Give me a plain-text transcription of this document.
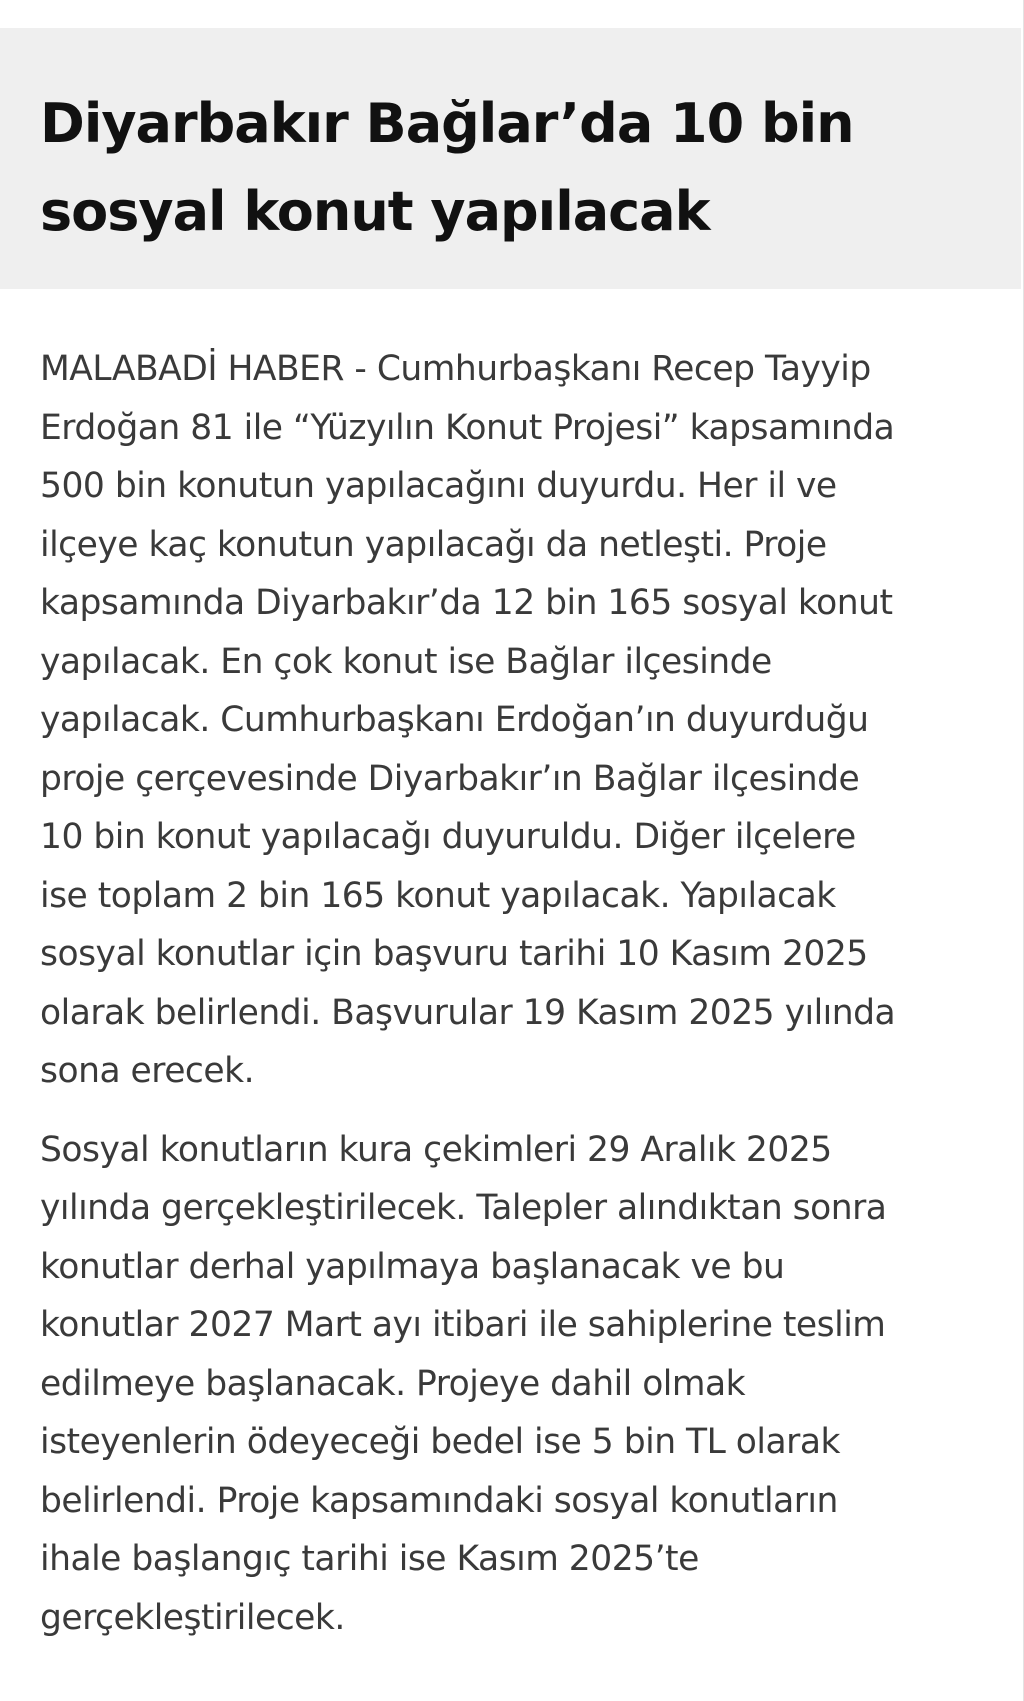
Diyarbakır Bağlar’da 10 bin
sosyal konut yapılacak

MALABADİ HABER - Cumhurbaşkanı Recep Tayyip
Erdoğan 81 ile “Yüzyılın Konut Projesi” kapsamında
500 bin konutun yapılacağını duyurdu. Her il ve
ilçeye kaç konutun yapılacağı da netleşti. Proje
kapsamında Diyarbakır’da 12 bin 165 sosyal konut
yapılacak. En çok konut ise Bağlar ilçesinde
yapılacak. Cumhurbaşkanı Erdoğan’ın duyurduğu
proje çerçevesinde Diyarbakır’ın Bağlar ilçesinde
10 bin konut yapılacağı duyuruldu. Diğer ilçelere
ise toplam 2 bin 165 konut yapılacak. Yapılacak
sosyal konutlar için başvuru tarihi 10 Kasım 2025
olarak belirlendi. Başvurular 19 Kasım 2025 yılında
sona erecek.

Sosyal konutların kura çekimleri 29 Aralık 2025
yılında gerçekleştirilecek. Talepler alındıktan sonra
konutlar derhal yapılmaya başlanacak ve bu
konutlar 2027 Mart ayı itibari ile sahiplerine teslim
edilmeye başlanacak. Projeye dahil olmak
isteyenlerin ödeyeceği bedel ise 5 bin TL olarak
belirlendi. Proje kapsamındaki sosyal konutların
ihale başlangıç tarihi ise Kasım 2025’te
gerçekleştirilecek.
